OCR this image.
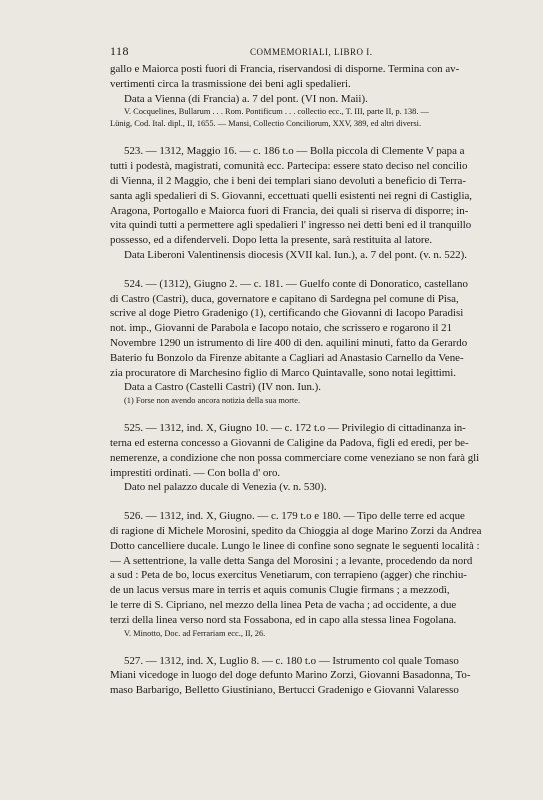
118	COMMEMORIALI, LIBRO I.

gallo e Maiorca posti fuori di Francia, riservandosi di disporne. Termina con av-

vertimenti circa la trasmissione dei beni agli spedalieri.

Data a Vienna (di Francia) a. 7 del pont. (VI non. Maii).

V. Cocquelines, Bullarum . . . Rom. Pontificum . . . collectio ecc., T. III, parte II, p. 138. —

Lünig, Cod. Ital. dipl., II, 1655. — Mansi, Collectio Conciliorum, XXV, 389, ed altri diversi.

523. — 1312, Maggio 16. — c. 186 t.o — Bolla piccola di Clemente V papa a

tutti i podestà, magistrati, comunità ecc. Partecipa: essere stato deciso nel concilio

di Vienna, il 2 Maggio, che i beni dei templari siano devoluti a beneficio di Terra-

santa agli spedalieri di S. Giovanni, eccettuati quelli esistenti nei regni di Castiglia,

Aragona, Portogallo e Maiorca fuori di Francia, dei quali si riserva di disporre; in-

vita quindi tutti a permettere agli spedalieri l' ingresso nei detti beni ed il tranquillo

possesso, ed a difenderveli. Dopo letta la presente, sarà restituita al latore.

Data Liberoni Valentinensis diocesis (XVII kal. Iun.), a. 7 del pont. (v. n. 522).

524. — (1312), Giugno 2. — c. 181. — Guelfo conte di Donoratico, castellano

di Castro (Castri), duca, governatore e capitano di Sardegna pel comune di Pisa,

scrive al doge Pietro Gradenigo (1), certificando che Giovanni di Iacopo Paradisi

not. imp., Giovanni de Parabola e Iacopo notaio, che scrissero e rogarono il 21

Novembre 1290 un istrumento di lire 400 di den. aquilini minuti, fatto da Gerardo

Baterio fu Bonzolo da Firenze abitante a Cagliari ad Anastasio Carnello da Vene-

zia procuratore di Marchesino figlio di Marco Quintavalle, sono notai legittimi.

Data a Castro (Castelli Castri) (IV non. Iun.).

(1) Forse non avendo ancora notizia della sua morte.

525. — 1312, ind. X, Giugno 10. — c. 172 t.o — Privilegio di cittadinanza in-

terna ed esterna concesso a Giovanni de Caligine da Padova, figli ed eredi, per be-

nemerenze, a condizione che non possa commerciare come veneziano se non farà gli

imprestiti ordinati. — Con bolla d' oro.

Dato nel palazzo ducale di Venezia (v. n. 530).

526. — 1312, ind. X, Giugno. — c. 179 t.o e 180. — Tipo delle terre ed acque

di ragione di Michele Morosini, spedito da Chioggia al doge Marino Zorzi da Andrea

Dotto cancelliere ducale. Lungo le linee di confine sono segnate le seguenti località :

— A settentrione, la valle detta Sanga del Morosini ; a levante, procedendo da nord

a sud : Peta de bo, locus exercitus Venetiarum, con terrapieno (agger) che rinchiu-

de un lacus versus mare in terris et aquis comunis Clugie firmans ; a mezzodì,

le terre di S. Cipriano, nel mezzo della linea Peta de vacha ; ad occidente, a due

terzi della linea verso nord sta Fossabona, ed in capo alla stessa linea Fogolana.

V. Minotto, Doc. ad Ferrariam ecc., II, 26.

527. — 1312, ind. X, Luglio 8. — c. 180 t.o — Istrumento col quale Tomaso

Miani vicedoge in luogo del doge defunto Marino Zorzi, Giovanni Basadonna, To-

maso Barbarigo, Belletto Giustiniano, Bertucci Gradenigo e Giovanni Valaresso
